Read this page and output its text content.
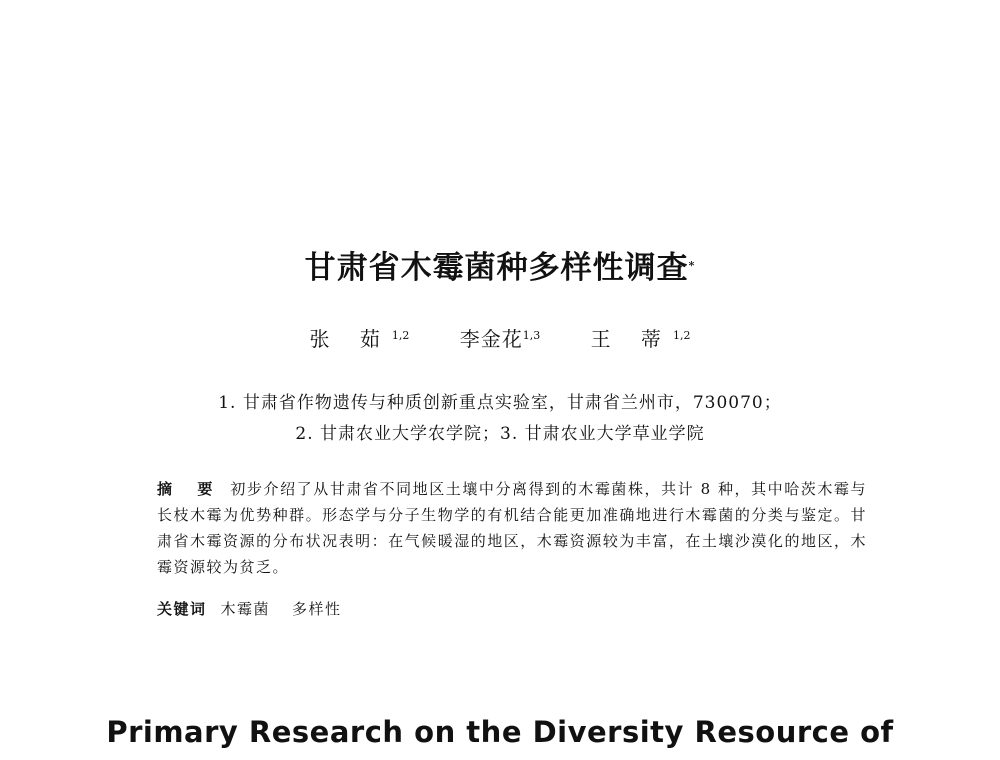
甘肃省木霉菌种多样性调查*
张 茹$^{1,2}$	李金花$^{1,3}$	王 蒂$^{1,2}$
1. 甘肃省作物遗传与种质创新重点实验室，甘肃省兰州市，730070；
2. 甘肃农业大学农学院；3. 甘肃农业大学草业学院
摘 要 初步介绍了从甘肃省不同地区土壤中分离得到的木霉菌株，共计 8 种，其中哈茨木霉与长枝木霉为优势种群。形态学与分子生物学的有机结合能更加准确地进行木霉菌的分类与鉴定。甘肃省木霉资源的分布状况表明：在气候暖湿的地区，木霉资源较为丰富，在土壤沙漠化的地区，木霉资源较为贫乏。
关键词 木霉菌 多样性
Primary Research on the Diversity Resource of
